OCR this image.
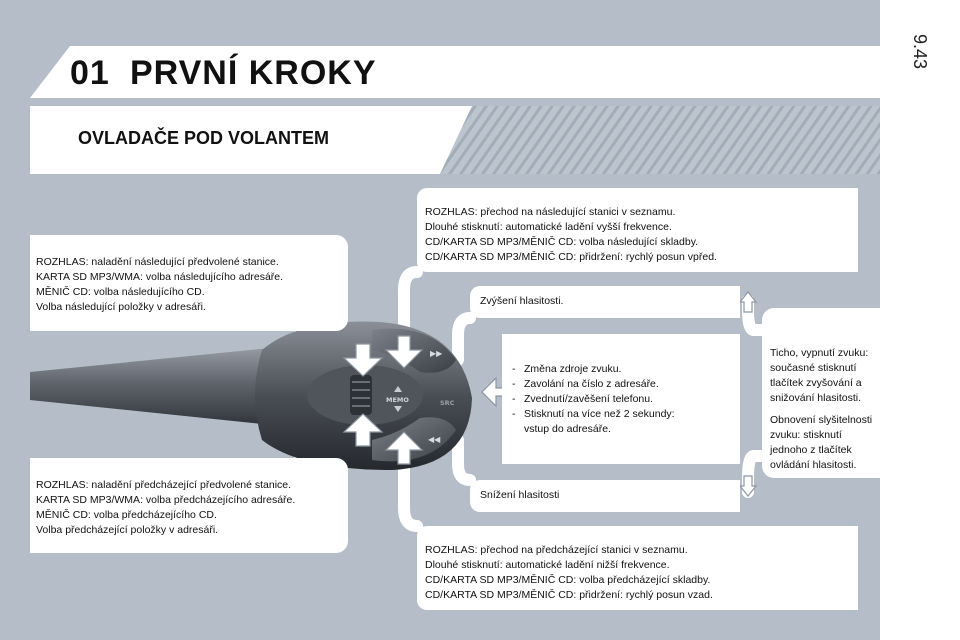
9.43
01 PRVNÍ KROKY
OVLADAČE POD VOLANTEM
▶▶
◀◀
MEMO	SRC

ROZHLAS: naladění následující předvolené stanice.

KARTA SD MP3/WMA: volba následujícího adresáře.

MĚNIČ CD: volba následujícího CD.

Volba následující položky v adresáři.

ROZHLAS: naladění předcházející předvolené stanice.

KARTA SD MP3/WMA: volba předcházejícího adresáře.

MĚNIČ CD: volba předcházejícího CD.

Volba předcházející položky v adresáři.

ROZHLAS: přechod na následující stanici v seznamu.

Dlouhé stisknutí: automatické ladění vyšší frekvence.

CD/KARTA SD MP3/MĚNIČ CD: volba následující skladby.

CD/KARTA SD MP3/MĚNIČ CD: přidržení: rychlý posun vpřed.

ROZHLAS: přechod na předcházející stanici v seznamu.

Dlouhé stisknutí: automatické ladění nižší frekvence.

CD/KARTA SD MP3/MĚNIČ CD: volba předcházející skladby.

CD/KARTA SD MP3/MĚNIČ CD: přidržení: rychlý posun vzad.

Zvýšení hlasitosti.

Snížení hlasitosti

- Změna zdroje zvuku.
- Zavolání na číslo z adresáře.
- Zvednutí/zavěšení telefonu.
- Stisknutí na více než 2 sekundy:

vstup do adresáře.

Ticho, vypnutí zvuku: současné stisknutí tlačítek zvyšování a snižování hlasitosti.

Obnovení slyšitelnosti zvuku: stisknutí jednoho z tlačítek ovládání hlasitosti.
